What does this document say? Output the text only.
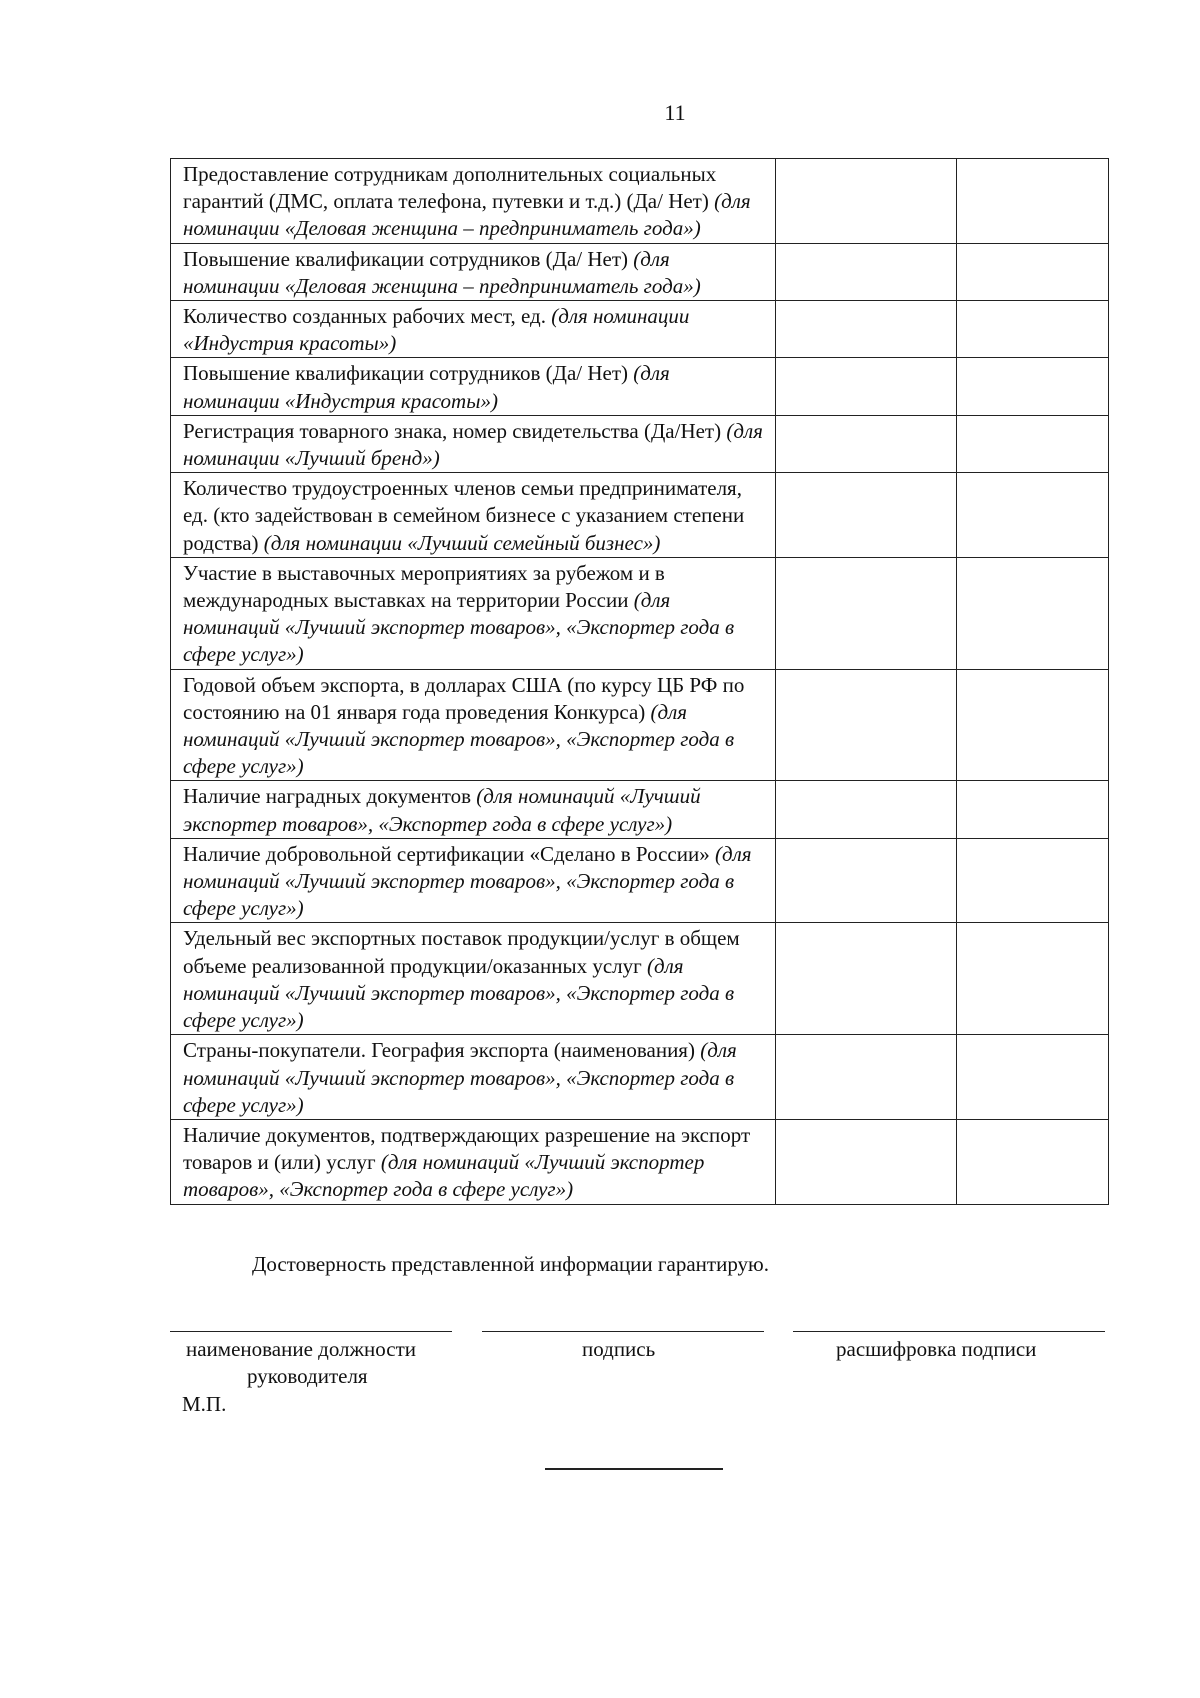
11
Предоставление сотрудникам дополнительных социальных гарантий (ДМС, оплата телефона, путевки и т.д.) (Да/ Нет) (для номинации «Деловая женщина – предприниматель года»)		
Повышение квалификации сотрудников (Да/ Нет) (для номинации «Деловая женщина – предприниматель года»)		
Количество созданных рабочих мест, ед. (для номинации «Индустрия красоты»)		
Повышение квалификации сотрудников (Да/ Нет) (для номинации «Индустрия красоты»)		
Регистрация товарного знака, номер свидетельства (Да/Нет) (для номинации «Лучший бренд»)		
Количество трудоустроенных членов семьи предпринимателя, ед. (кто задействован в семейном бизнесе с указанием степени родства) (для номинации «Лучший семейный бизнес»)		
Участие в выставочных мероприятиях за рубежом и в международных выставках на территории России (для номинаций «Лучший экспортер товаров», «Экспортер года в сфере услуг»)		
Годовой объем экспорта, в долларах США (по курсу ЦБ РФ по состоянию на 01 января года проведения Конкурса) (для номинаций «Лучший экспортер товаров», «Экспортер года в сфере услуг»)		
Наличие наградных документов (для номинаций «Лучший экспортер товаров», «Экспортер года в сфере услуг»)		
Наличие добровольной сертификации «Сделано в России» (для номинаций «Лучший экспортер товаров», «Экспортер года в сфере услуг»)		
Удельный вес экспортных поставок продукции/услуг в общем объеме реализованной продукции/оказанных услуг (для номинаций «Лучший экспортер товаров», «Экспортер года в сфере услуг»)		
Страны-покупатели. География экспорта (наименования) (для номинаций «Лучший экспортер товаров», «Экспортер года в сфере услуг»)		
Наличие документов, подтверждающих разрешение на экспорт товаров и (или) услуг (для номинаций «Лучший экспортер товаров», «Экспортер года в сфере услуг»)		
Достоверность представленной информации гарантирую.
наименование должности
руководителя
подпись	расшифровка подписи
М.П.
